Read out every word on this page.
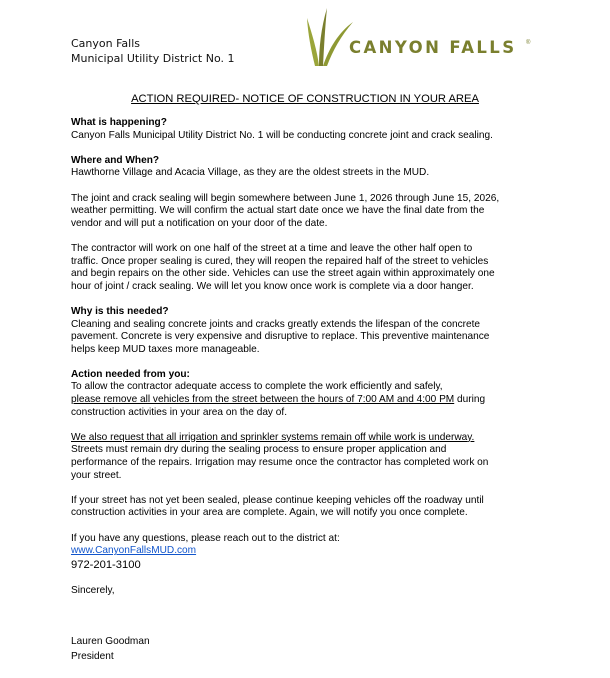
Canyon Falls
Municipal Utility District No. 1
CANYON FALLS ®
ACTION REQUIRED- NOTICE OF CONSTRUCTION IN YOUR AREA
What is happening?
Canyon Falls Municipal Utility District No. 1 will be conducting concrete joint and crack sealing.
Where and When?
Hawthorne Village and Acacia Village, as they are the oldest streets in the MUD.
The joint and crack sealing will begin somewhere between June 1, 2026 through June 15, 2026,
weather permitting. We will confirm the actual start date once we have the final date from the
vendor and will put a notification on your door of the date.
The contractor will work on one half of the street at a time and leave the other half open to
traffic. Once proper sealing is cured, they will reopen the repaired half of the street to vehicles
and begin repairs on the other side. Vehicles can use the street again within approximately one
hour of joint / crack sealing. We will let you know once work is complete via a door hanger.
Why is this needed?
Cleaning and sealing concrete joints and cracks greatly extends the lifespan of the concrete
pavement. Concrete is very expensive and disruptive to replace. This preventive maintenance
helps keep MUD taxes more manageable.
Action needed from you:
To allow the contractor adequate access to complete the work efficiently and safely,
please remove all vehicles from the street between the hours of 7:00 AM and 4:00 PM during
construction activities in your area on the day of.
We also request that all irrigation and sprinkler systems remain off while work is underway.
Streets must remain dry during the sealing process to ensure proper application and
performance of the repairs. Irrigation may resume once the contractor has completed work on
your street.
If your street has not yet been sealed, please continue keeping vehicles off the roadway until
construction activities in your area are complete. Again, we will notify you once complete.
If you have any questions, please reach out to the district at:
www.CanyonFallsMUD.com
972-201-3100
Sincerely,
Lauren Goodman
President
